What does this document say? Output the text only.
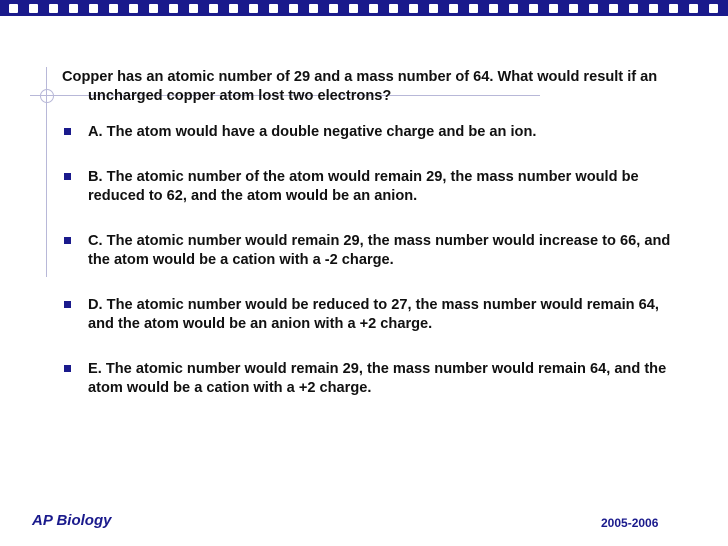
Copper has an atomic number of 29 and a mass number of 64. What would result if an uncharged copper atom lost two electrons?
A. The atom would have a double negative charge and be an ion.
B. The atomic number of the atom would remain 29, the mass number would be reduced to 62, and the atom would be an anion.
C. The atomic number would remain 29, the mass number would increase to 66, and the atom would be a cation with a -2 charge.
D. The atomic number would be reduced to 27, the mass number would remain 64, and the atom would be an anion with a +2 charge.
E. The atomic number would remain 29, the mass number would remain 64, and the atom would be a cation with a +2 charge.
AP Biology	2005-2006
